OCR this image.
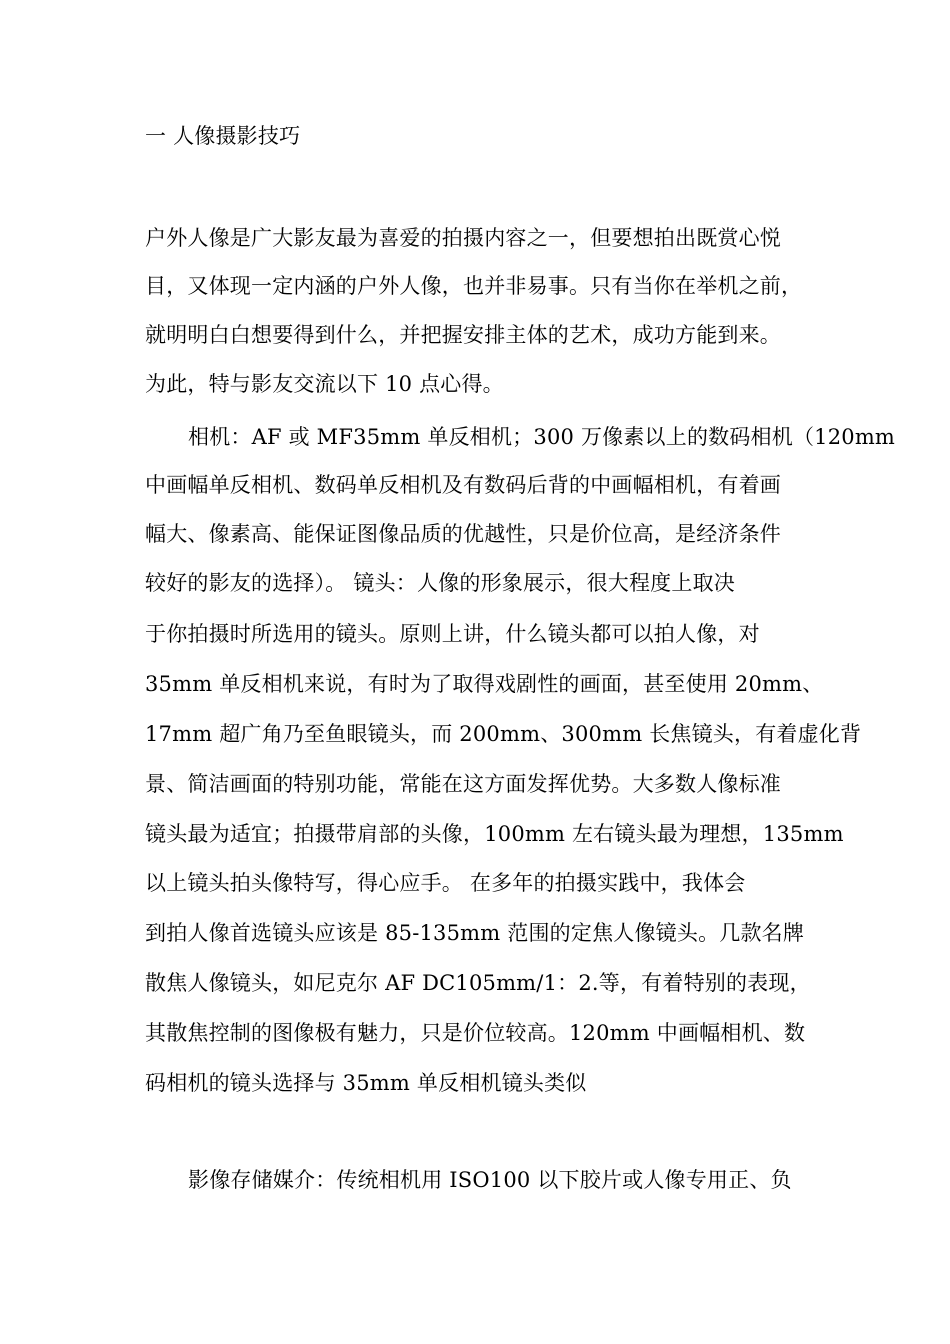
一 人像摄影技巧
户外人像是广大影友最为喜爱的拍摄内容之一，但要想拍出既赏心悦
目，又体现一定内涵的户外人像，也并非易事。只有当你在举机之前，
就明明白白想要得到什么，并把握安排主体的艺术，成功方能到来。
为此，特与影友交流以下 10 点心得。
相机：AF 或 MF35mm 单反相机；300 万像素以上的数码相机（120mm
中画幅单反相机、数码单反相机及有数码后背的中画幅相机，有着画
幅大、像素高、能保证图像品质的优越性，只是价位高，是经济条件
较好的影友的选择）。 镜头：人像的形象展示，很大程度上取决
于你拍摄时所选用的镜头。原则上讲，什么镜头都可以拍人像，对
35mm 单反相机来说，有时为了取得戏剧性的画面，甚至使用 20mm、
17mm 超广角乃至鱼眼镜头，而 200mm、300mm 长焦镜头，有着虚化背
景、简洁画面的特别功能，常能在这方面发挥优势。大多数人像标准
镜头最为适宜；拍摄带肩部的头像，100mm 左右镜头最为理想，135mm
以上镜头拍头像特写，得心应手。 在多年的拍摄实践中，我体会
到拍人像首选镜头应该是 85-135mm 范围的定焦人像镜头。几款名牌
散焦人像镜头，如尼克尔 AF DC105mm/1：2.等，有着特别的表现，
其散焦控制的图像极有魅力，只是价位较高。120mm 中画幅相机、数
码相机的镜头选择与 35mm 单反相机镜头类似
影像存储媒介：传统相机用 ISO100 以下胶片或人像专用正、负
